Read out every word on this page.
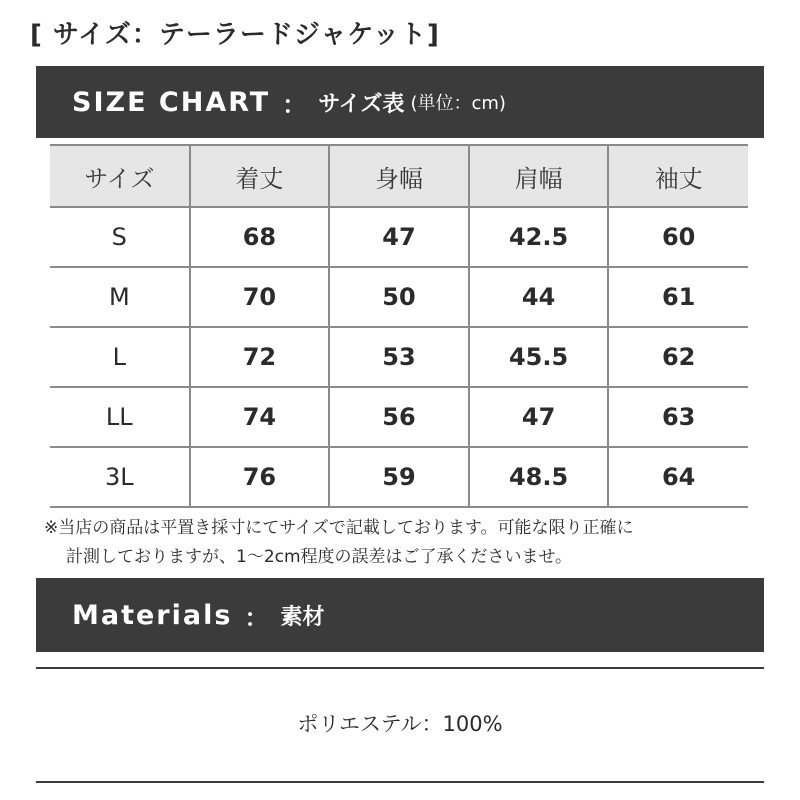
[ サイズ：テーラードジャケット]
SIZE CHART ： サイズ表 (単位：cm)
サイズ	着丈	身幅	肩幅	袖丈
S	68	47	42.5	60
M	70	50	44	61
L	72	53	45.5	62
LL	74	56	47	63
3L	76	59	48.5	64
※当店の商品は平置き採寸にてサイズで記載しております。可能な限り正確に
計測しておりますが、1〜2cm程度の誤差はご了承くださいませ。
Materials ： 素材
ポリエステル：100%
